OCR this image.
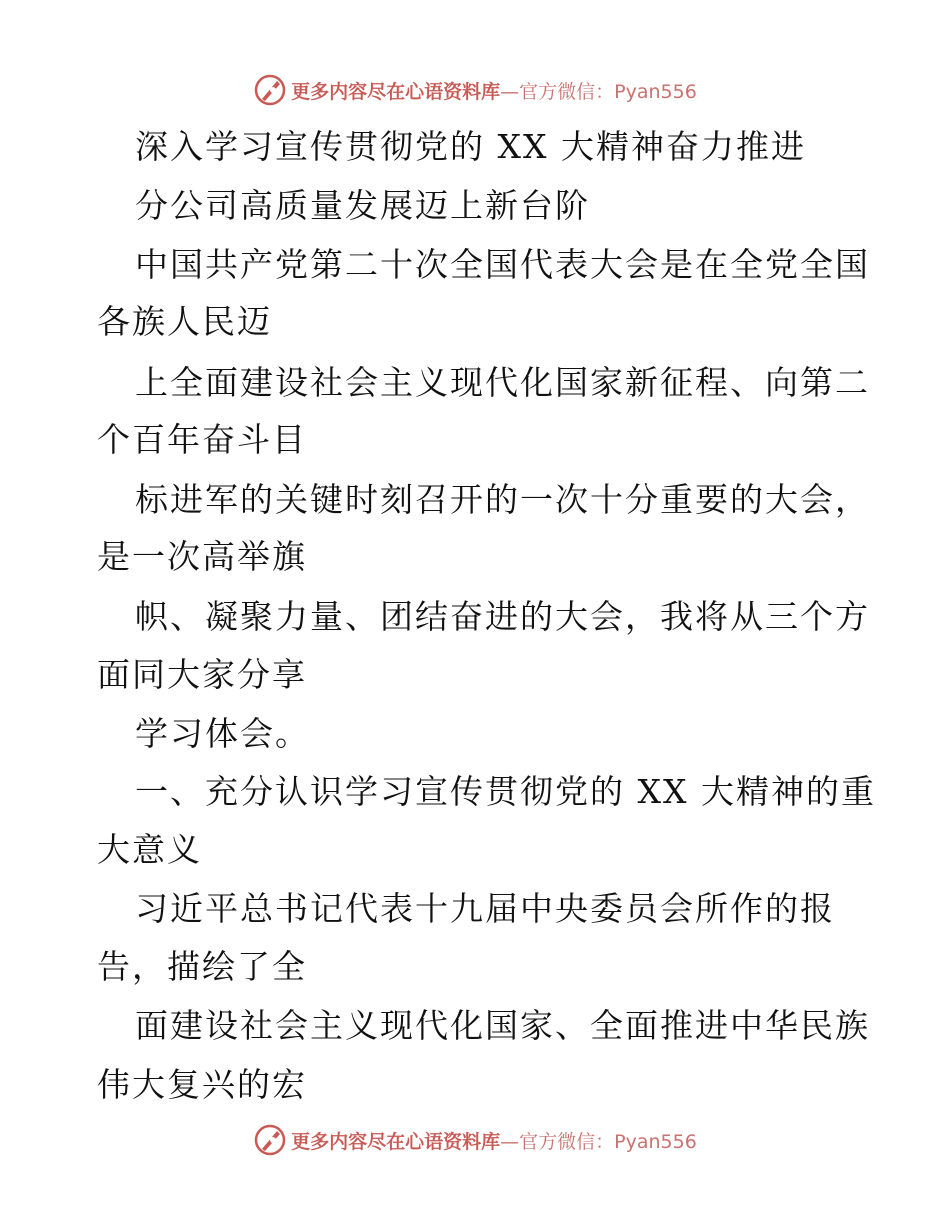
更多内容尽在心语资料库—官方微信：Pyan556
深入学习宣传贯彻党的 XX 大精神奋力推进
分公司高质量发展迈上新台阶
中国共产党第二十次全国代表大会是在全党全国
各族人民迈
上全面建设社会主义现代化国家新征程、向第二
个百年奋斗目
标进军的关键时刻召开的一次十分重要的大会，
是一次高举旗
帜、凝聚力量、团结奋进的大会，我将从三个方
面同大家分享
学习体会。
一、充分认识学习宣传贯彻党的 XX 大精神的重
大意义
习近平总书记代表十九届中央委员会所作的报
告，描绘了全
面建设社会主义现代化国家、全面推进中华民族
伟大复兴的宏
更多内容尽在心语资料库—官方微信：Pyan556
